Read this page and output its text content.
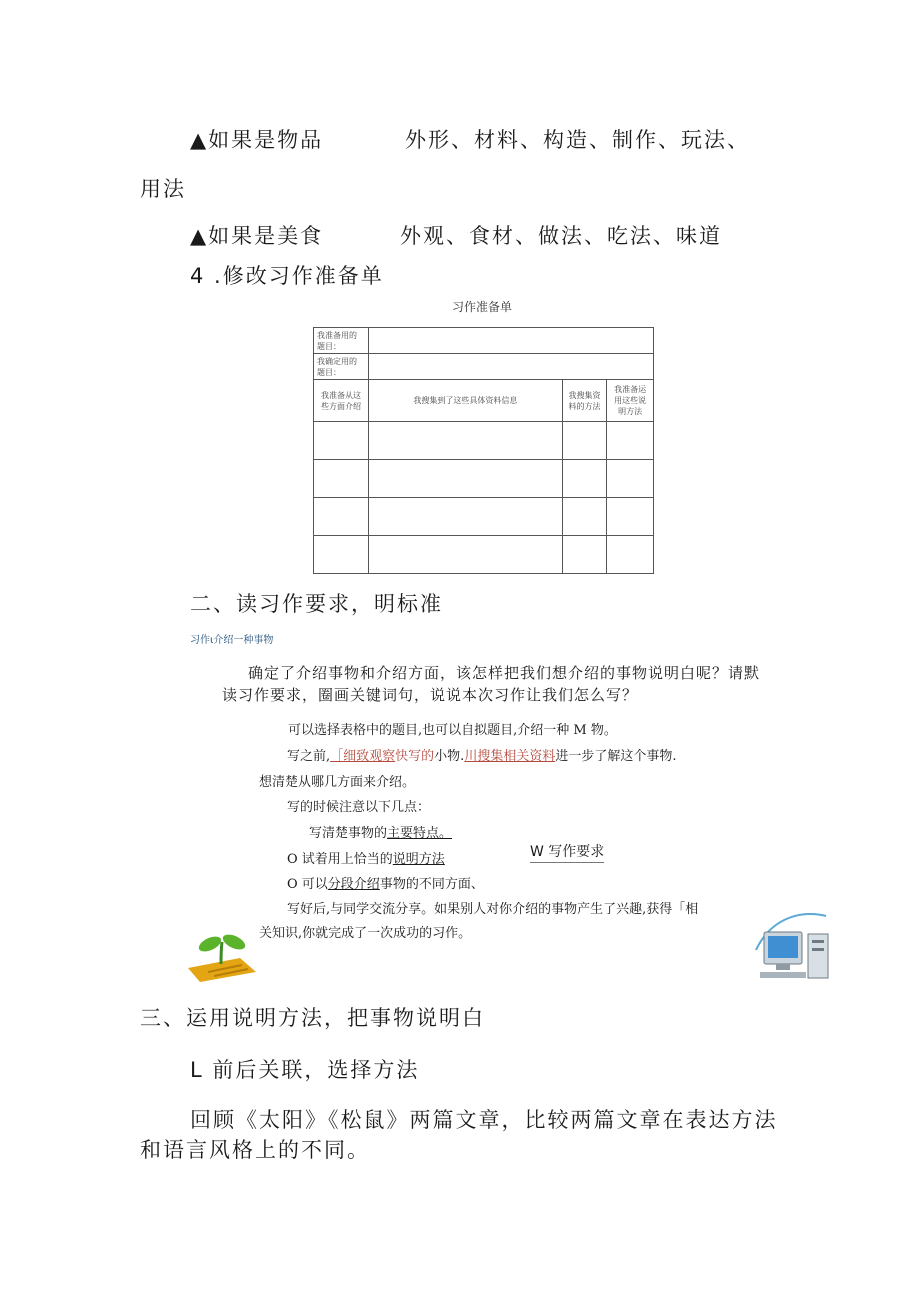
▲如果是物品	外形、材料、构造、制作、玩法、
用法
▲如果是美食	外观、食材、做法、吃法、味道
4 .修改习作准备单
习作准备单
我准备用的题目：			

我确定用的题目：			

我准备从这些方面介绍	我搜集到了这些具体资料信息	我搜集资料的方法	我准备运用这些说明方法

二、读习作要求，明标准
习作ι介绍一种事物
确定了介绍事物和介绍方面，该怎样把我们想介绍的事物说明白呢？请默
读习作要求，圈画关键词句，说说本次习作让我们怎么写？
可以选择表格中的题目,也可以自拟题目,介绍一种 M 物。
写之前,［细致观察快写的小物.川搜集相关资料进一步了解这个事物.
想清楚从哪几方面来介绍。
写的时候注意以下几点：
写清楚事物的主要特点。
O 试着用上恰当的说明方法
O 可以分段介绍事物的不同方面、
写好后,与同学交流分享。如果别人对你介绍的事物产生了兴趣,获得「相
关知识,你就完成了一次成功的习作。
W 写作要求
三、运用说明方法，把事物说明白
L 前后关联，选择方法
回顾《太阳》《松鼠》两篇文章，比较两篇文章在表达方法
和语言风格上的不同。
